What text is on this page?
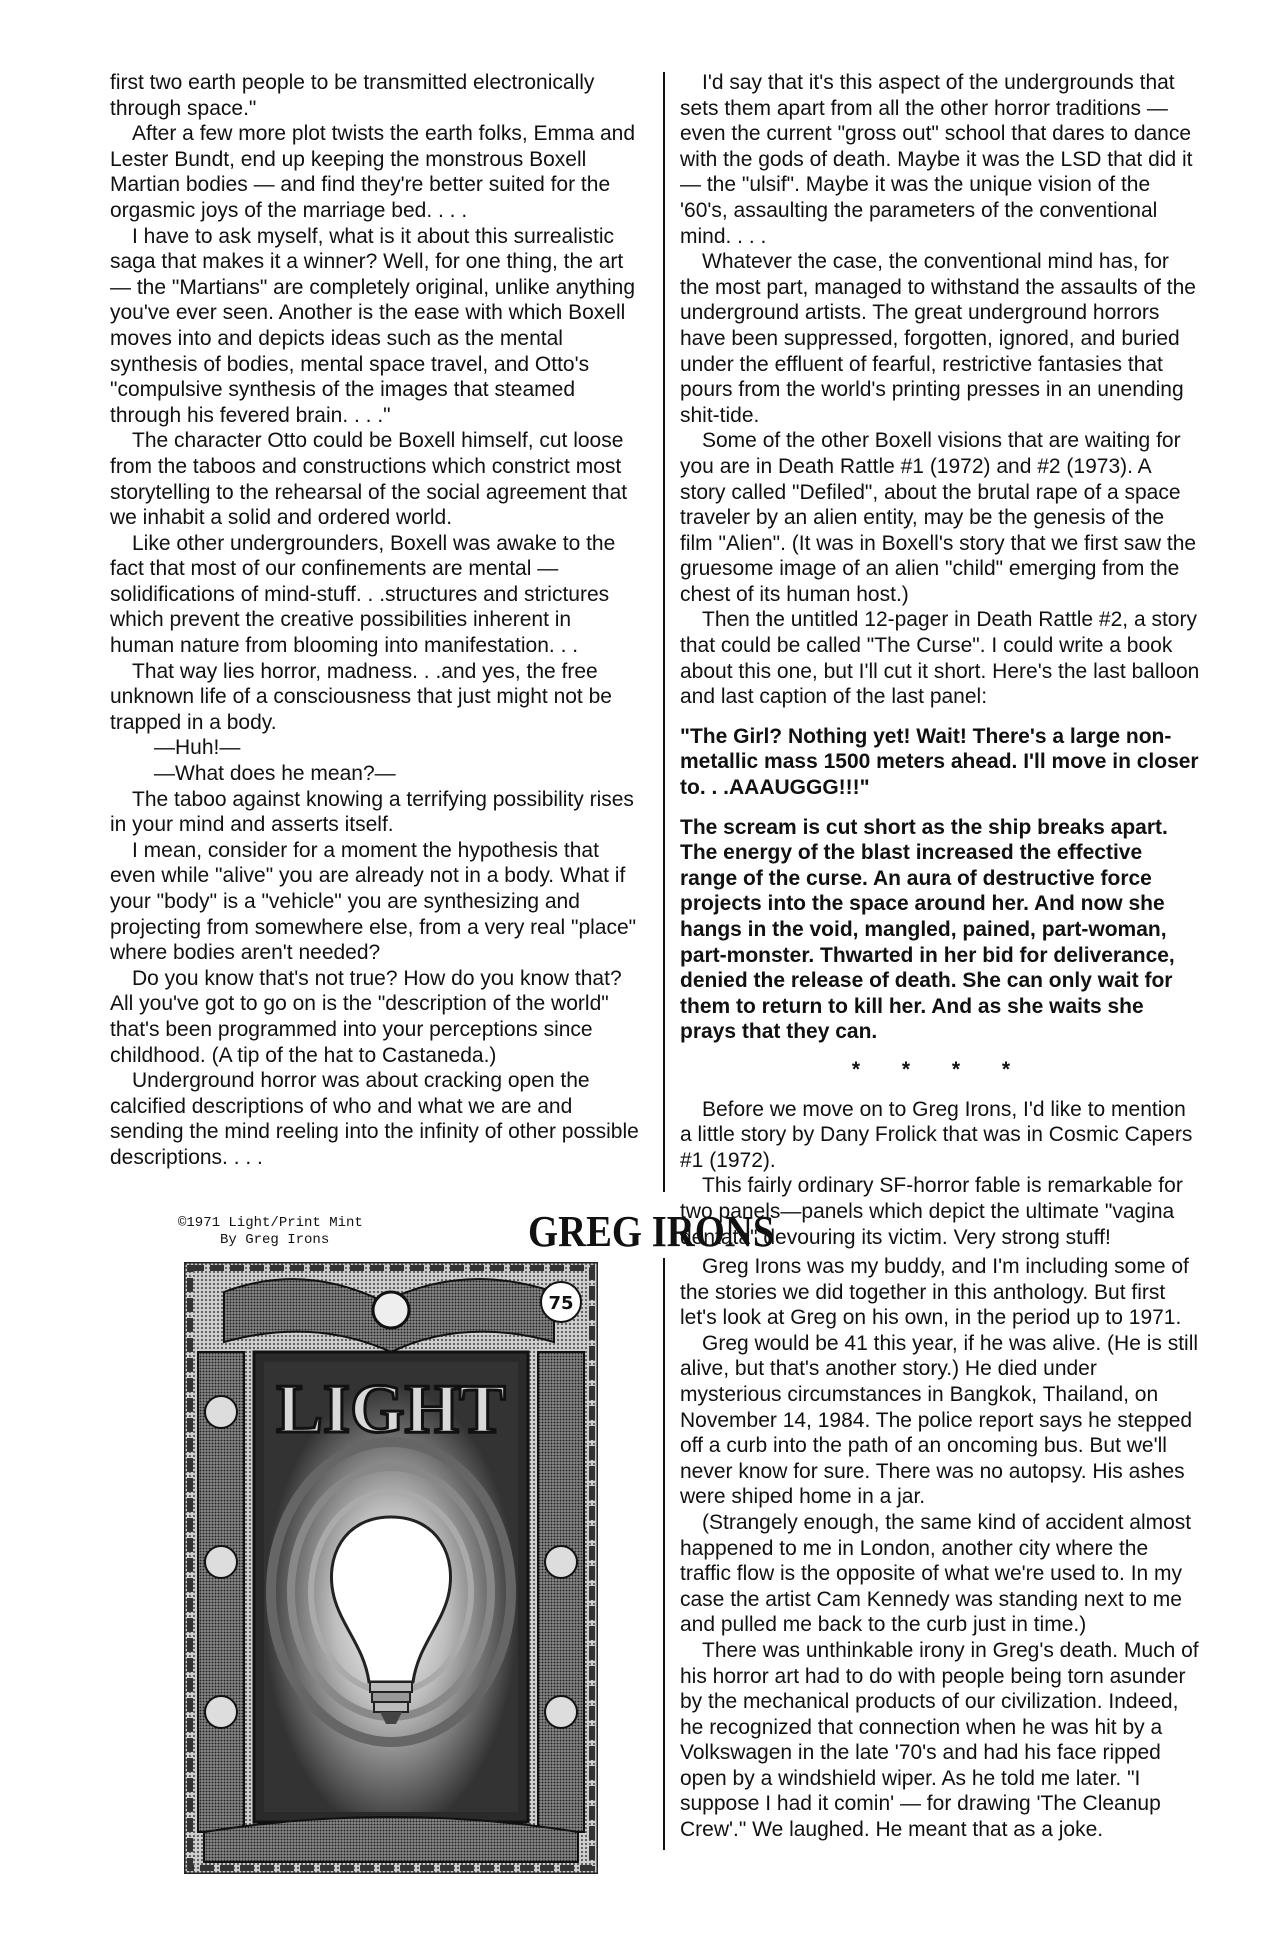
first two earth people to be transmitted electronically through space."

After a few more plot twists the earth folks, Emma and Lester Bundt, end up keeping the monstrous Boxell Martian bodies — and find they're better suited for the orgasmic joys of the marriage bed. . . .

I have to ask myself, what is it about this surrealistic saga that makes it a winner? Well, for one thing, the art — the "Martians" are completely original, unlike anything you've ever seen. Another is the ease with which Boxell moves into and depicts ideas such as the mental synthesis of bodies, mental space travel, and Otto's "compulsive synthesis of the images that steamed through his fevered brain. . . ."

The character Otto could be Boxell himself, cut loose from the taboos and constructions which constrict most storytelling to the rehearsal of the social agreement that we inhabit a solid and ordered world.

Like other undergrounders, Boxell was awake to the fact that most of our confinements are mental — solidifications of mind-stuff. . .structures and strictures which prevent the creative possibilities inherent in human nature from blooming into manifestation. . .

That way lies horror, madness. . .and yes, the free unknown life of a consciousness that just might not be trapped in a body.

—Huh!—

—What does he mean?—

The taboo against knowing a terrifying possibility rises in your mind and asserts itself.

I mean, consider for a moment the hypothesis that even while "alive" you are already not in a body. What if your "body" is a "vehicle" you are synthesizing and projecting from somewhere else, from a very real "place" where bodies aren't needed?

Do you know that's not true? How do you know that? All you've got to go on is the "description of the world" that's been programmed into your perceptions since childhood. (A tip of the hat to Castaneda.)

Underground horror was about cracking open the calcified descriptions of who and what we are and sending the mind reeling into the infinity of other possible descriptions. . . .

I'd say that it's this aspect of the undergrounds that sets them apart from all the other horror traditions — even the current "gross out" school that dares to dance with the gods of death. Maybe it was the LSD that did it — the "ulsif". Maybe it was the unique vision of the '60's, assaulting the parameters of the conventional mind. . . .

Whatever the case, the conventional mind has, for the most part, managed to withstand the assaults of the underground artists. The great underground horrors have been suppressed, forgotten, ignored, and buried under the effluent of fearful, restrictive fantasies that pours from the world's printing presses in an unending shit-tide.

Some of the other Boxell visions that are waiting for you are in Death Rattle #1 (1972) and #2 (1973). A story called "Defiled", about the brutal rape of a space traveler by an alien entity, may be the genesis of the film "Alien". (It was in Boxell's story that we first saw the gruesome image of an alien "child" emerging from the chest of its human host.)

Then the untitled 12-pager in Death Rattle #2, a story that could be called "The Curse". I could write a book about this one, but I'll cut it short. Here's the last balloon and last caption of the last panel:

"The Girl? Nothing yet! Wait! There's a large non-metallic mass 1500 meters ahead. I'll move in closer to. . .AAAUGGG!!!"
The scream is cut short as the ship breaks apart. The energy of the blast increased the effective range of the curse. An aura of destructive force projects into the space around her. And now she hangs in the void, mangled, pained, part-woman, part-monster. Thwarted in her bid for deliverance, denied the release of death. She can only wait for them to return to kill her. And as she waits she prays that they can.
* * * *

Before we move on to Greg Irons, I'd like to mention a little story by Dany Frolick that was in Cosmic Capers #1 (1972).

This fairly ordinary SF-horror fable is remarkable for two panels—panels which depict the ultimate "vagina dentata" devouring its victim. Very strong stuff!

©1971 Light/Print Mint
By Greg Irons	GREG IRONS
75
LIGHT

Greg Irons was my buddy, and I'm including some of the stories we did together in this anthology. But first let's look at Greg on his own, in the period up to 1971.

Greg would be 41 this year, if he was alive. (He is still alive, but that's another story.) He died under mysterious circumstances in Bangkok, Thailand, on November 14, 1984. The police report says he stepped off a curb into the path of an oncoming bus. But we'll never know for sure. There was no autopsy. His ashes were shiped home in a jar.

(Strangely enough, the same kind of accident almost happened to me in London, another city where the traffic flow is the opposite of what we're used to. In my case the artist Cam Kennedy was standing next to me and pulled me back to the curb just in time.)

There was unthinkable irony in Greg's death. Much of his horror art had to do with people being torn asunder by the mechanical products of our civilization. Indeed, he recognized that connection when he was hit by a Volkswagen in the late '70's and had his face ripped open by a windshield wiper. As he told me later. "I suppose I had it comin' — for drawing 'The Cleanup Crew'." We laughed. He meant that as a joke.
